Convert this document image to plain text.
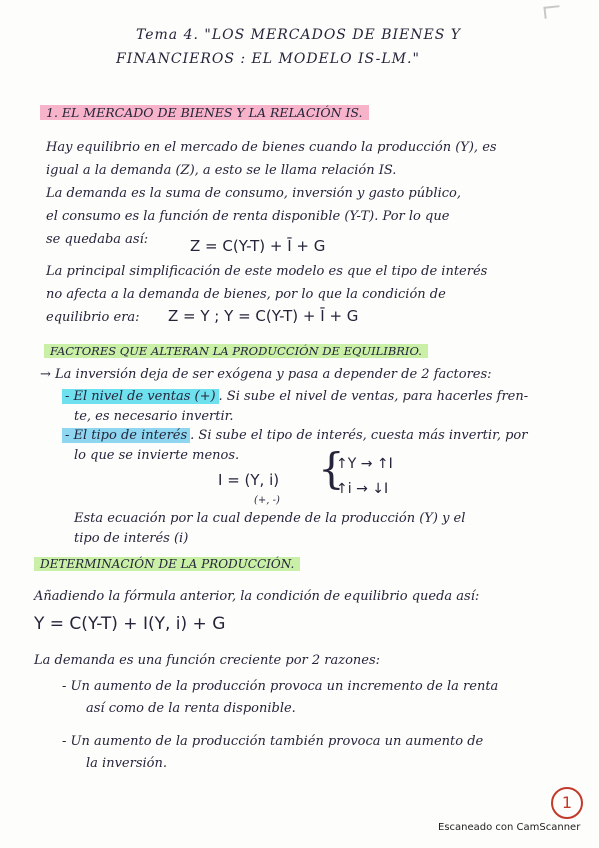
Tema 4. "LOS MERCADOS DE BIENES Y
FINANCIEROS : EL MODELO IS-LM."
1. EL MERCADO DE BIENES Y LA RELACIÓN IS.
Hay equilibrio en el mercado de bienes cuando la producción (Y), es
igual a la demanda (Z), a esto se le llama relación IS.
La demanda es la suma de consumo, inversión y gasto público,
el consumo es la función de renta disponible (Y-T). Por lo que
se quedaba así:	Z = C(Y-T) + Ī + G
La principal simplificación de este modelo es que el tipo de interés
no afecta a la demanda de bienes, por lo que la condición de
equilibrio era: Z = Y ; Y = C(Y-T) + Ī + G
FACTORES QUE ALTERAN LA PRODUCCIÓN DE EQUILIBRIO.
→ La inversión deja de ser exógena y pasa a depender de 2 factores:
- El nivel de ventas (+) . Si sube el nivel de ventas, para hacerles fren-
te, es necesario invertir.
- El tipo de interés . Si sube el tipo de interés, cuesta más invertir, por
lo que se invierte menos.
I = (Y, i)
(+, -)
{
↑Y → ↑I
↑i → ↓I
Esta ecuación por la cual depende de la producción (Y) y el
tipo de interés (i)
DETERMINACIÓN DE LA PRODUCCIÓN.
Añadiendo la fórmula anterior, la condición de equilibrio queda así:
Y = C(Y-T) + I(Y, i) + G
La demanda es una función creciente por 2 razones:
- Un aumento de la producción provoca un incremento de la renta
así como de la renta disponible.
- Un aumento de la producción también provoca un aumento de
la inversión.
1
Escaneado con CamScanner
